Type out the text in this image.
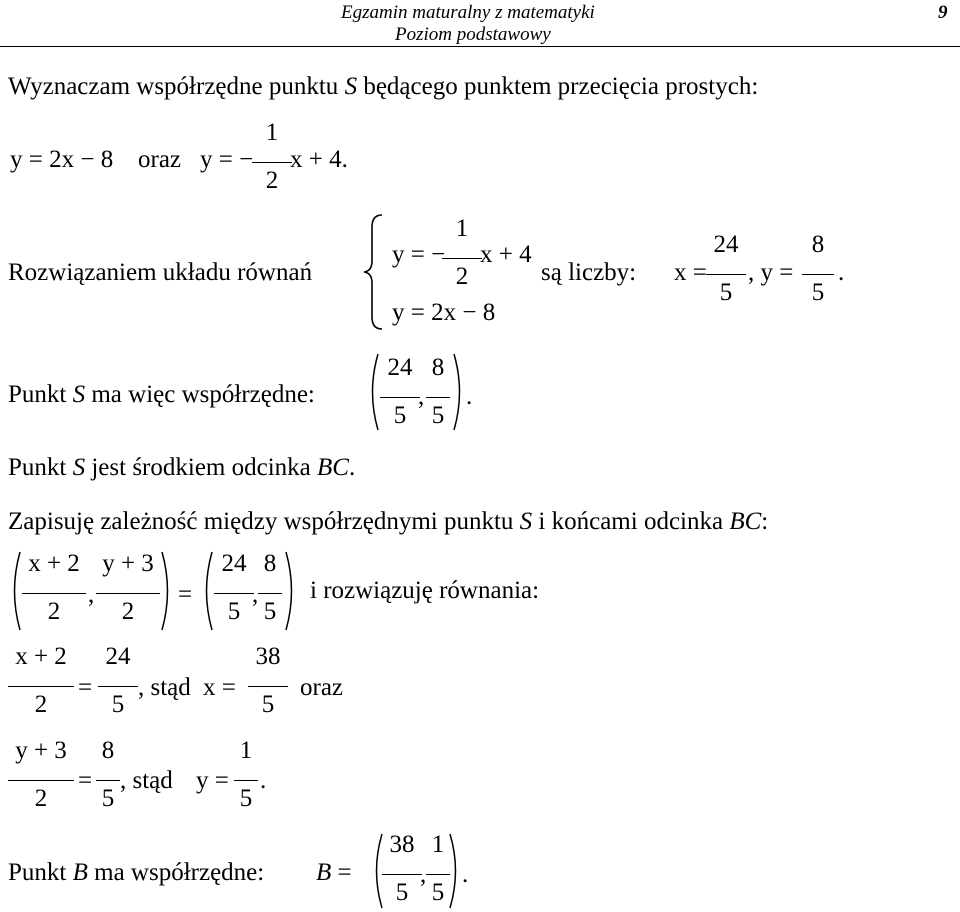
Egzamin maturalny z matematyki
Poziom podstawowy
9
Wyznaczam współrzędne punktu S będącego punktem przecięcia prostych:
y = 2x − 8 oraz y = −
1
2
x + 4.
Rozwiązaniem układu równań
y = −
1
2
x + 4
y = 2x − 8
są liczby: x =
24
5
, y =
8
5
.
Punkt S ma więc współrzędne:
24
5
,
8
5
.
Punkt S jest środkiem odcinka BC.
Zapisuję zależność między współrzędnymi punktu S i końcami odcinka BC:
x + 2
2
,
y + 3
2
=
24
5
,
8
5
i rozwiązuję równania:
x + 2
2
=
24
5
, stąd x =
38
5
oraz
y + 3
2
=
8
5
, stąd y =
1
5
.
Punkt B ma współrzędne: B =
38
5
,
1
5
.
